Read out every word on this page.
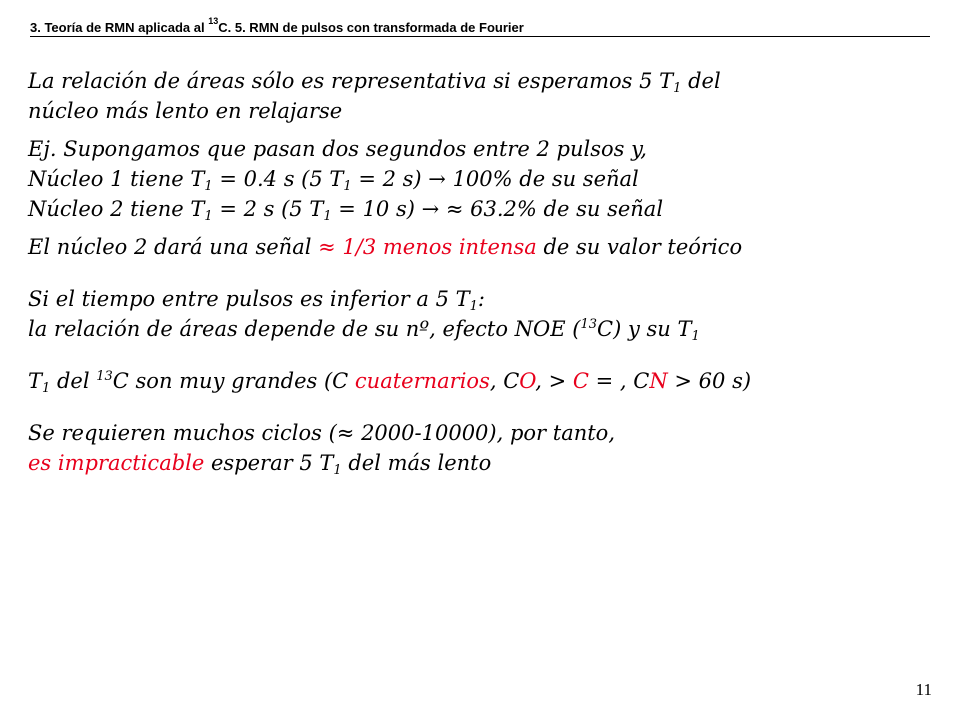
3. Teoría de RMN aplicada al $^{13}$C. 5. RMN de pulsos con transformada de Fourier
La relación de áreas sólo es representativa si esperamos 5 $T_1$ del
núcleo más lento en relajarse
Ej. Supongamos que pasan dos segundos entre 2 pulsos y,
Núcleo 1 tiene $T_1 = 0.4$ s (5 $T_1 = 2$ s) → 100% de su señal
Núcleo 2 tiene $T_1 = 2$ s (5 $T_1 = 10$ s) → ≈ 63.2% de su señal
El núcleo 2 dará una señal ≈ 1/3 menos intensa de su valor teórico
Si el tiempo entre pulsos es inferior a 5 $T_1$:
la relación de áreas depende de su nº, efecto NOE ($^{13}$C) y su $T_1$
$T_1$ del $^{13}$C son muy grandes (C cuaternarios, CO, > C = , CN > 60 s)
Se requieren muchos ciclos (≈ 2000-10000), por tanto,
es impracticable esperar 5 $T_1$ del más lento
11
